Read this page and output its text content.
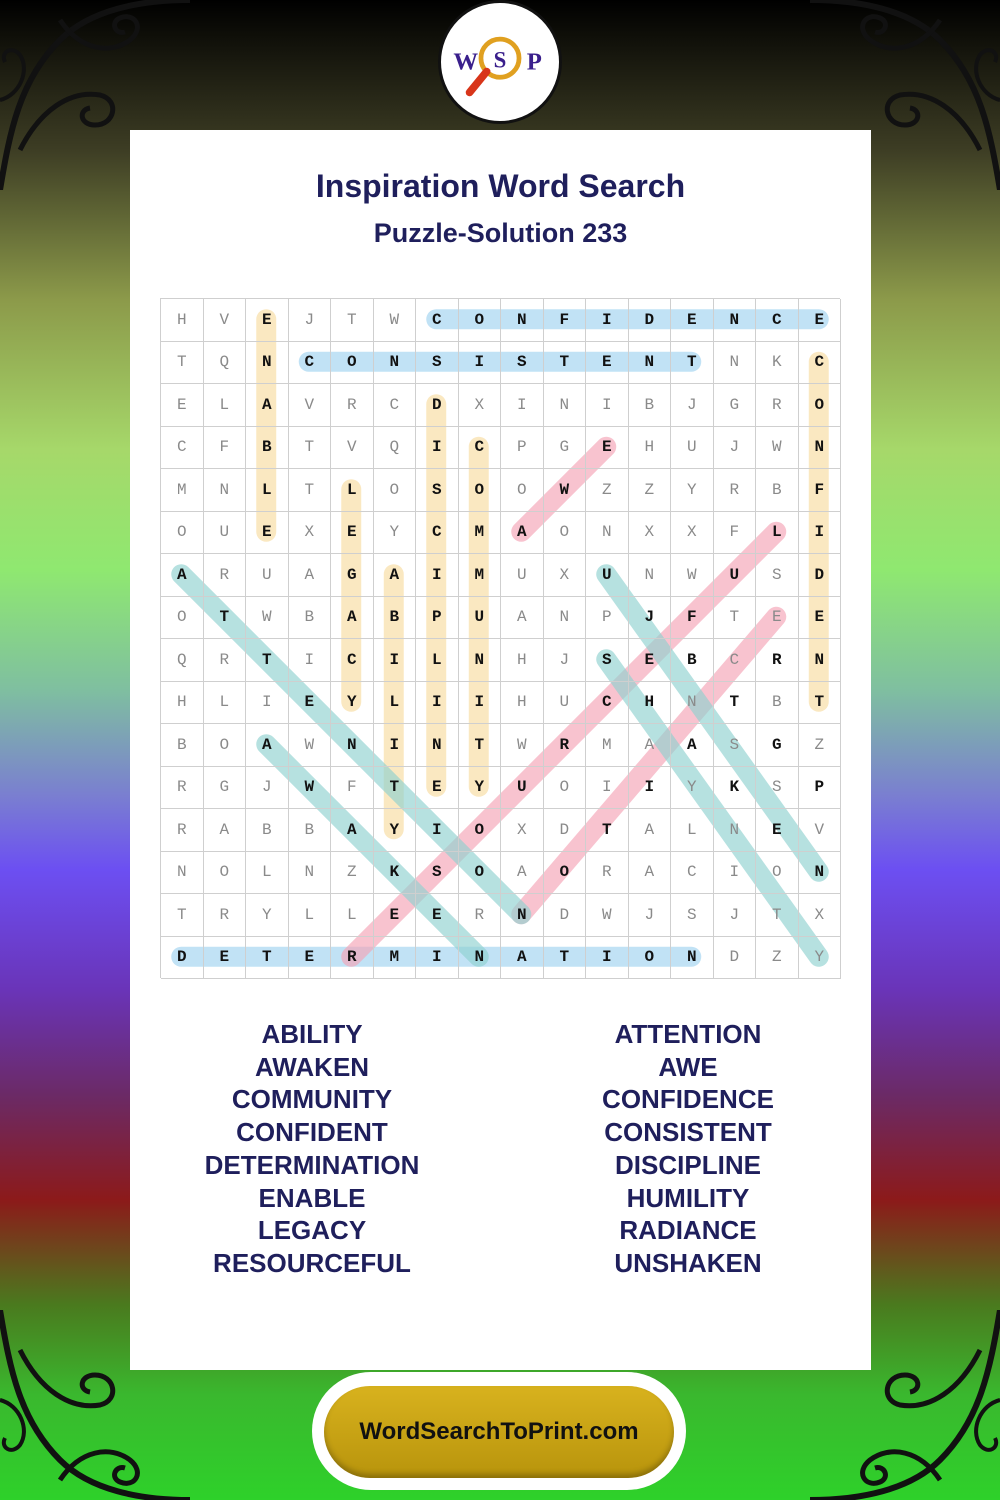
Inspiration Word Search
Puzzle-Solution 233
W S P
H	V	E	J	T	W	C	O	N	F	I	D	E	N	C	E
T	Q	N	C	O	N	S	I	S	T	E	N	T	N	K	C
E	L	A	V	R	C	D	X	I	N	I	B	J	G	R	O
C	F	B	T	V	Q	I	C	P	G	E	H	U	J	W	N
M	N	L	T	L	O	S	O	O	W	Z	Z	Y	R	B	F
O	U	E	X	E	Y	C	M	A	O	N	X	X	F	L	I
A	R	U	A	G	A	I	M	U	X	U	N	W	U	S	D
O	T	W	B	A	B	P	U	A	N	P	J	F	T	E	E
Q	R	T	I	C	I	L	N	H	J	S	E	B	C	R	N
H	L	I	E	Y	L	I	I	H	U	C	H	N	T	B	T
B	O	A	W	N	I	N	T	W	R	M	A	A	S	G	Z
R	G	J	W	F	T	E	Y	U	O	I	I	Y	K	S	P
R	A	B	B	A	Y	I	O	X	D	T	A	L	N	E	V
N	O	L	N	Z	K	S	O	A	O	R	A	C	I	O	N
T	R	Y	L	L	E	E	R	N	D	W	J	S	J	T	X
D	E	T	E	R	M	I	N	A	T	I	O	N	D	Z	Y
ABILITY
AWAKEN
COMMUNITY
CONFIDENT
DETERMINATION
ENABLE
LEGACY
RESOURCEFUL
ATTENTION
AWE
CONFIDENCE
CONSISTENT
DISCIPLINE
HUMILITY
RADIANCE
UNSHAKEN
WordSearchToPrint.com
